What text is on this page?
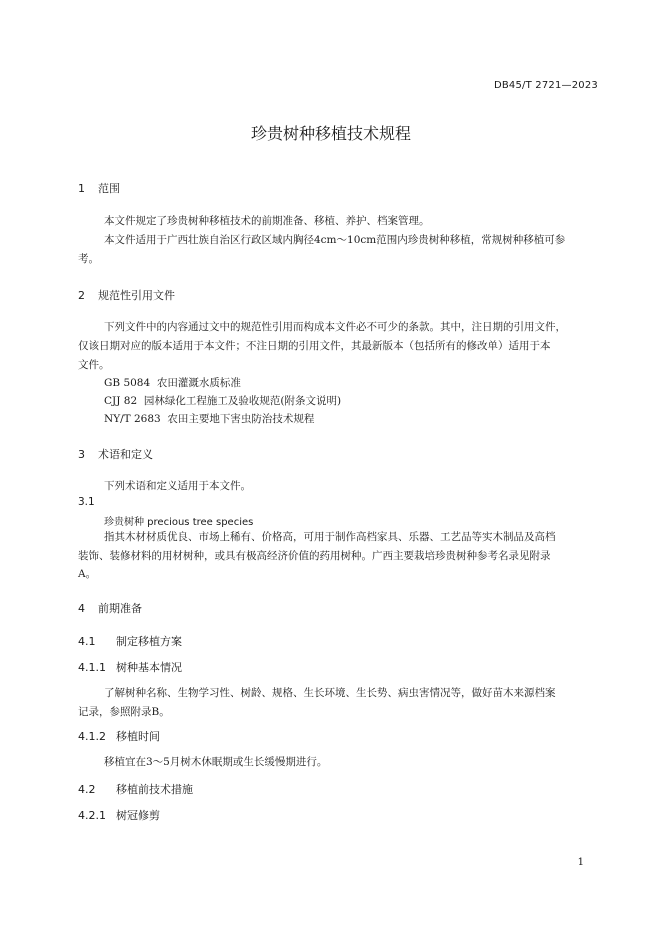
DB45/T 2721—2023
珍贵树种移植技术规程
1 范围
本文件规定了珍贵树种移植技术的前期准备、移植、养护、档案管理。
本文件适用于广西壮族自治区行政区域内胸径4cm～10cm范围内珍贵树种移植，常规树种移植可参
考。
2 规范性引用文件
下列文件中的内容通过文中的规范性引用而构成本文件必不可少的条款。其中，注日期的引用文件，
仅该日期对应的版本适用于本文件；不注日期的引用文件，其最新版本（包括所有的修改单）适用于本
文件。
GB 5084 农田灌溉水质标准
CJJ 82 园林绿化工程施工及验收规范(附条文说明)
NY/T 2683 农田主要地下害虫防治技术规程
3 术语和定义
下列术语和定义适用于本文件。
3.1
珍贵树种 precious tree species
指其木材材质优良、市场上稀有、价格高，可用于制作高档家具、乐器、工艺品等实木制品及高档
装饰、装修材料的用材树种，或具有极高经济价值的药用树种。广西主要栽培珍贵树种参考名录见附录
A。
4 前期准备
4.1 制定移植方案
4.1.1 树种基本情况
了解树种名称、生物学习性、树龄、规格、生长环境、生长势、病虫害情况等，做好苗木来源档案
记录，参照附录B。
4.1.2 移植时间
移植宜在3～5月树木休眠期或生长缓慢期进行。
4.2 移植前技术措施
4.2.1 树冠修剪
1
